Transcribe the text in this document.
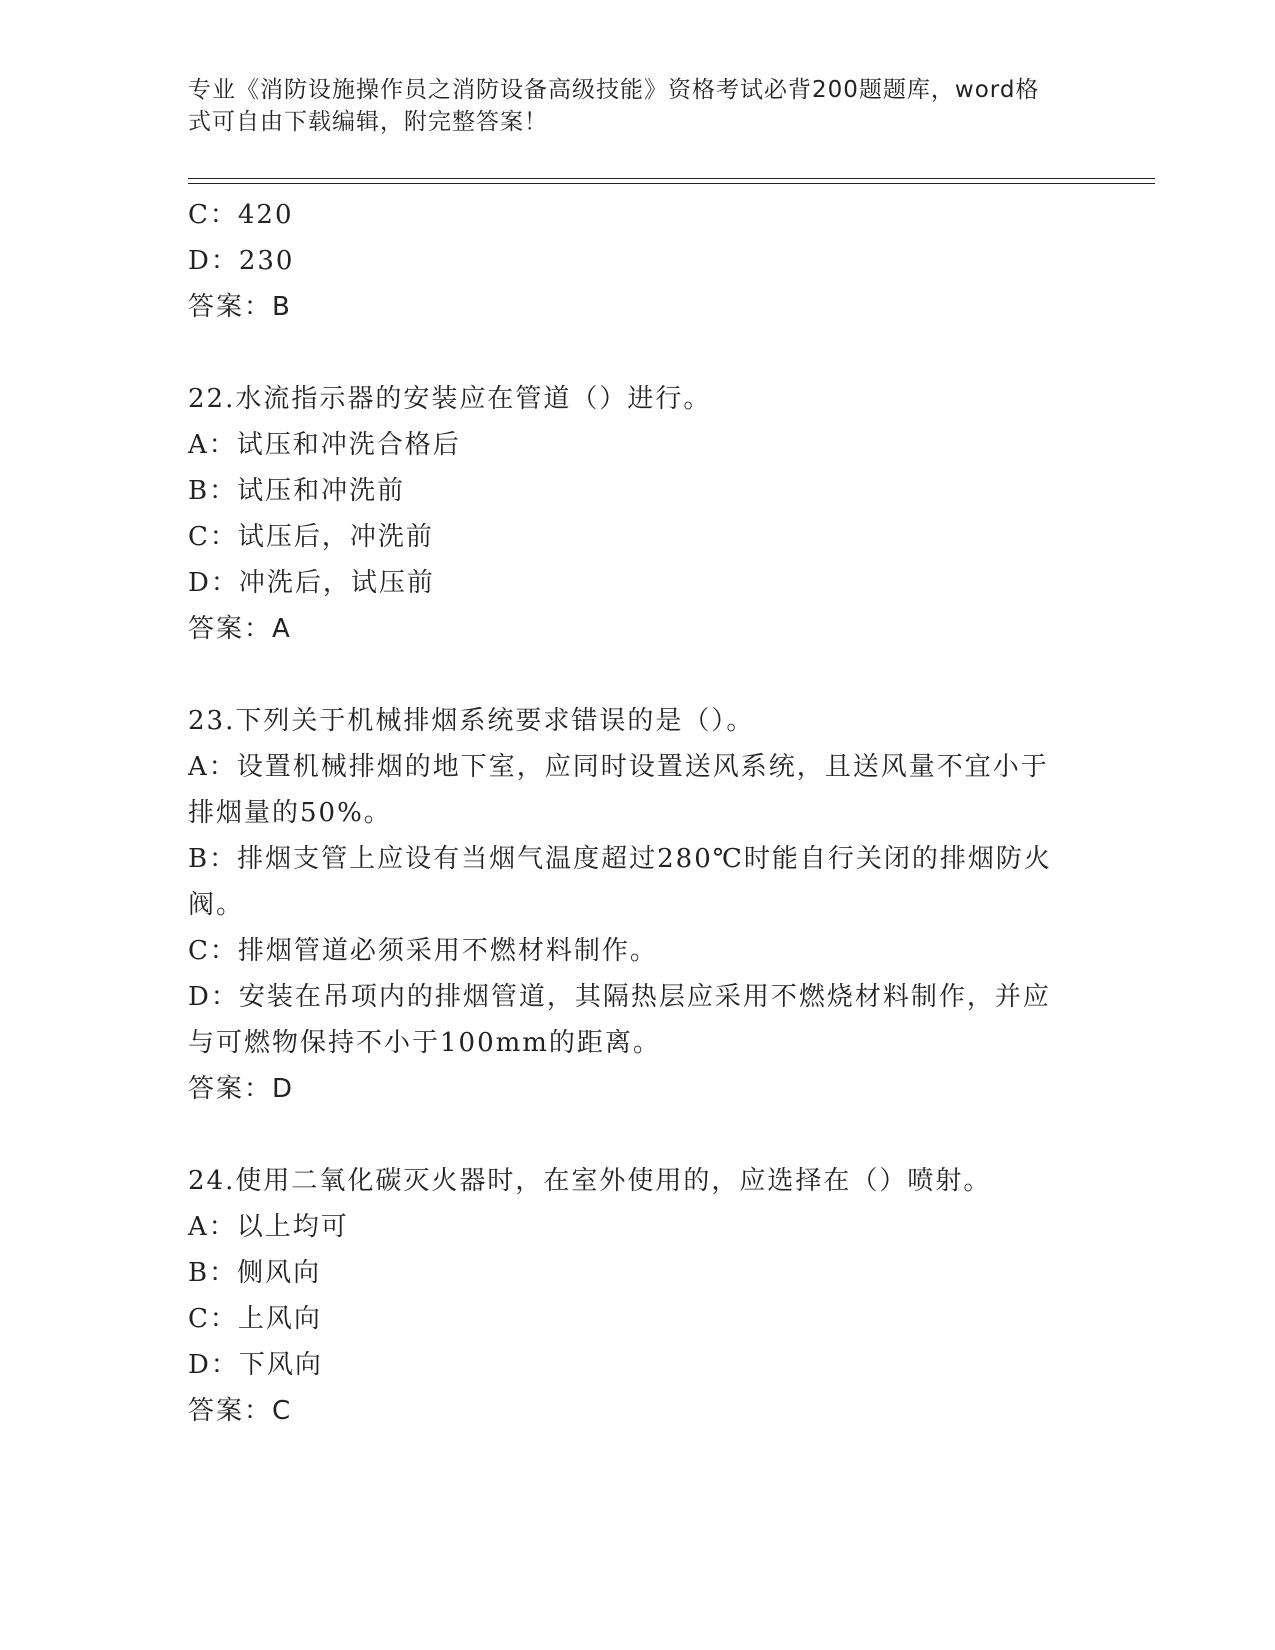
专业《消防设施操作员之消防设备高级技能》资格考试必背200题题库，word格
式可自由下载编辑，附完整答案！
C：420
D：230
答案：B
22.水流指示器的安装应在管道（）进行。
A：试压和冲洗合格后
B：试压和冲洗前
C：试压后，冲洗前
D：冲洗后，试压前
答案：A
23.下列关于机械排烟系统要求错误的是（）。
A：设置机械排烟的地下室，应同时设置送风系统，且送风量不宜小于
排烟量的50%。
B：排烟支管上应设有当烟气温度超过280℃时能自行关闭的排烟防火
阀。
C：排烟管道必须采用不燃材料制作。
D：安装在吊项内的排烟管道，其隔热层应采用不燃烧材料制作，并应
与可燃物保持不小于100mm的距离。
答案：D
24.使用二氧化碳灭火器时，在室外使用的，应选择在（）喷射。
A：以上均可
B：侧风向
C：上风向
D：下风向
答案：C
